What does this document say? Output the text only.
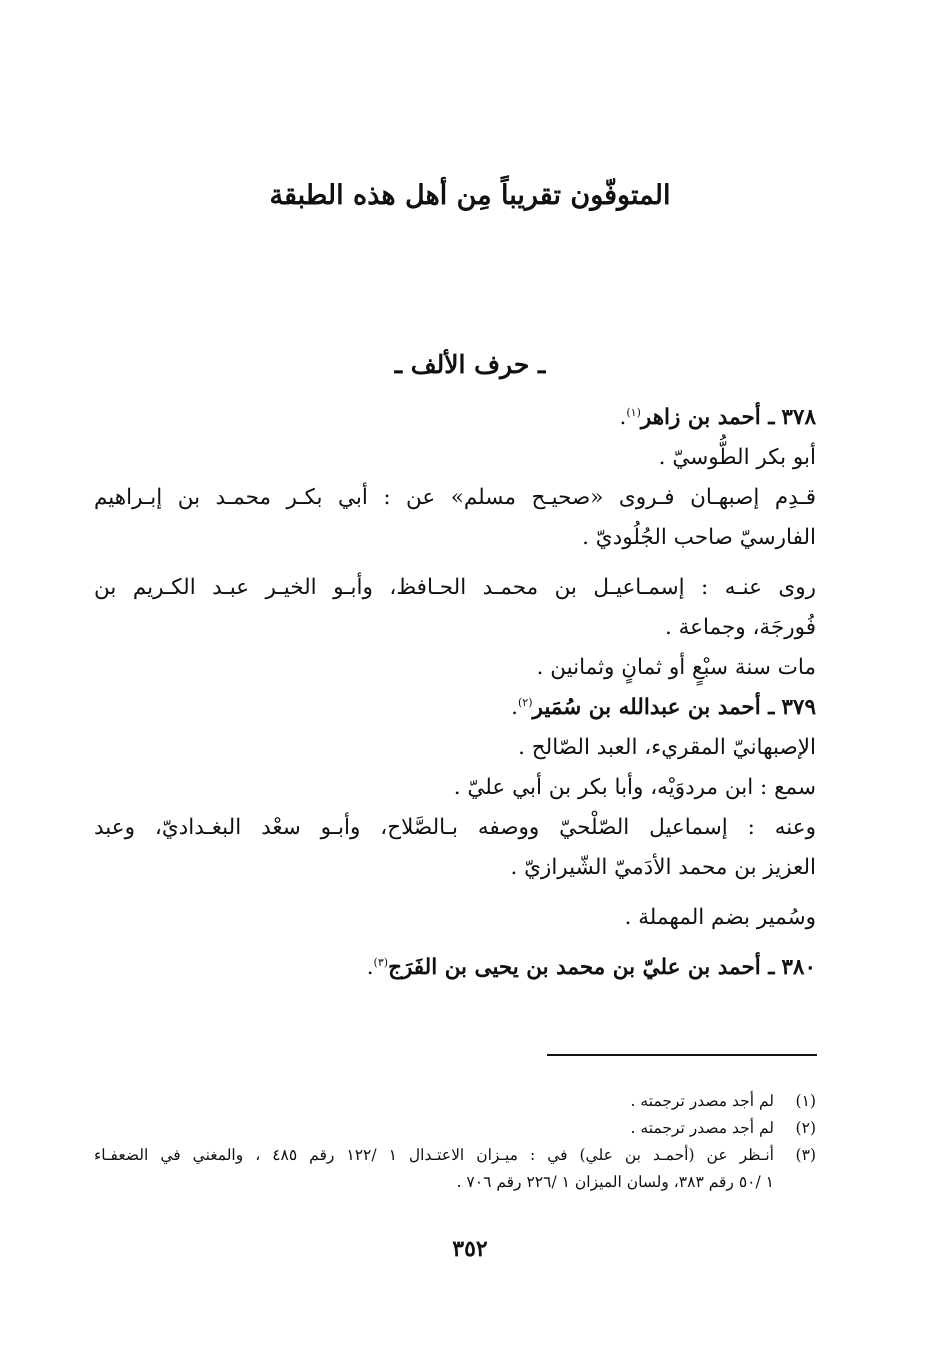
المتوفّون تقريباً مِن أهل هذه الطبقة
ـ حرف الألف ـ
٣٧٨ ـ أحمد بن زاهر$^{(١)}$.
أبو بكر الطُّوسيّ .
قـدِم إصبهـان فـروى «صحيـح مسلم» عن : أبي بكـر محمـد بن إبـراهيم
الفارسيّ صاحب الجُلُوديّ .
روى عنـه : إسمـاعيـل بن محمـد الحـافظ، وأبـو الخيـر عبـد الكـريم بن
فُورجَة، وجماعة .
مات سنة سبْعٍ أو ثمانٍ وثمانين .
٣٧٩ ـ أحمد بن عبدالله بن سُمَير$^{(٢)}$.
الإصبهانيّ المقريء، العبد الصّالح .
سمع : ابن مردوَيْه، وأبا بكر بن أبي عليّ .
وعنه : إسماعيل الصّلْحيّ ووصفه بـالصَّلاح، وأبـو سعْد البغـداديّ، وعبد
العزيز بن محمد الأدَميّ الشّيرازيّ .
وسُمير بضم المهملة .
٣٨٠ ـ أحمد بن عليّ بن محمد بن يحيى بن الفَرَج$^{(٣)}$.
(١)
لم أجد مصدر ترجمته .
(٢)
لم أجد مصدر ترجمته .
(٣)
أنـظر عن (أحمـد بن علي) في : ميـزان الاعتـدال ١ /١٢٢ رقم ٤٨٥ ، والمغني في الضعفـاء
١ /٥٠ رقم ٣٨٣، ولسان الميزان ١ /٢٢٦ رقم ٧٠٦ .
٣٥٢
